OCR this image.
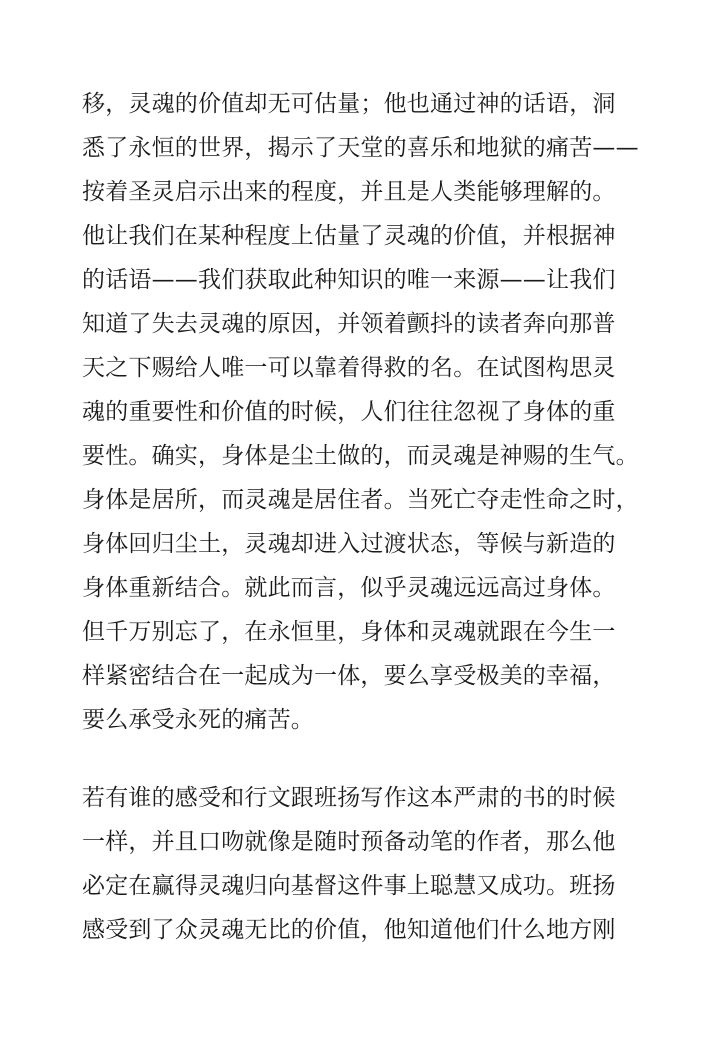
移，灵魂的价值却无可估量；他也通过神的话语，洞
悉了永恒的世界，揭示了天堂的喜乐和地狱的痛苦——
按着圣灵启示出来的程度，并且是人类能够理解的。
他让我们在某种程度上估量了灵魂的价值，并根据神
的话语——我们获取此种知识的唯一来源——让我们
知道了失去灵魂的原因，并领着颤抖的读者奔向那普
天之下赐给人唯一可以靠着得救的名。在试图构思灵
魂的重要性和价值的时候，人们往往忽视了身体的重
要性。确实，身体是尘土做的，而灵魂是神赐的生气。
身体是居所，而灵魂是居住者。当死亡夺走性命之时，
身体回归尘土，灵魂却进入过渡状态，等候与新造的
身体重新结合。就此而言，似乎灵魂远远高过身体。
但千万别忘了，在永恒里，身体和灵魂就跟在今生一
样紧密结合在一起成为一体，要么享受极美的幸福，
要么承受永死的痛苦。
若有谁的感受和行文跟班扬写作这本严肃的书的时候
一样，并且口吻就像是随时预备动笔的作者，那么他
必定在赢得灵魂归向基督这件事上聪慧又成功。班扬
感受到了众灵魂无比的价值，他知道他们什么地方刚
